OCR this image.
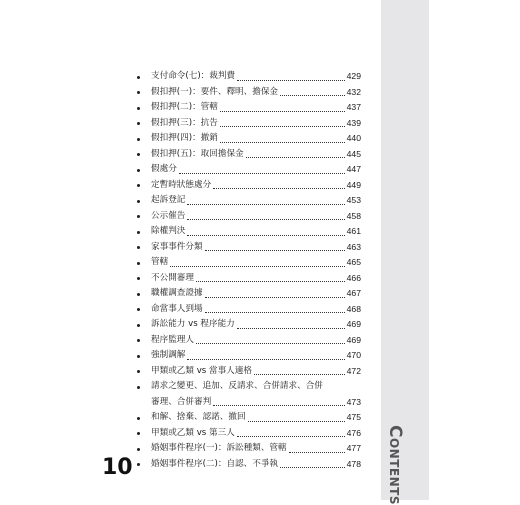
Contents
支付命令(七)：裁判費	429
假扣押(一)：要件、釋明、擔保金	432
假扣押(二)：管轄	437
假扣押(三)：抗告	439
假扣押(四)：撤銷	440
假扣押(五)：取回擔保金	445
假處分	447
定暫時狀態處分	449
起訴登記	453
公示催告	458
除權判決	461
家事事件分類	463
管轄	465
不公開審理	466
職權調查證據	467
命當事人到場	468
訴訟能力 vs 程序能力	469
程序監理人	469
強制調解	470
甲類或乙類 vs 當事人適格	472
請求之變更、追加、反請求、合併請求、合併
審理、合併審判	473
和解、捨棄、認諾、撤回	475
甲類或乙類 vs 第三人	476
婚姻事件程序(一)：訴訟種類、管轄	477
婚姻事件程序(二)：自認、不爭執	478
10
